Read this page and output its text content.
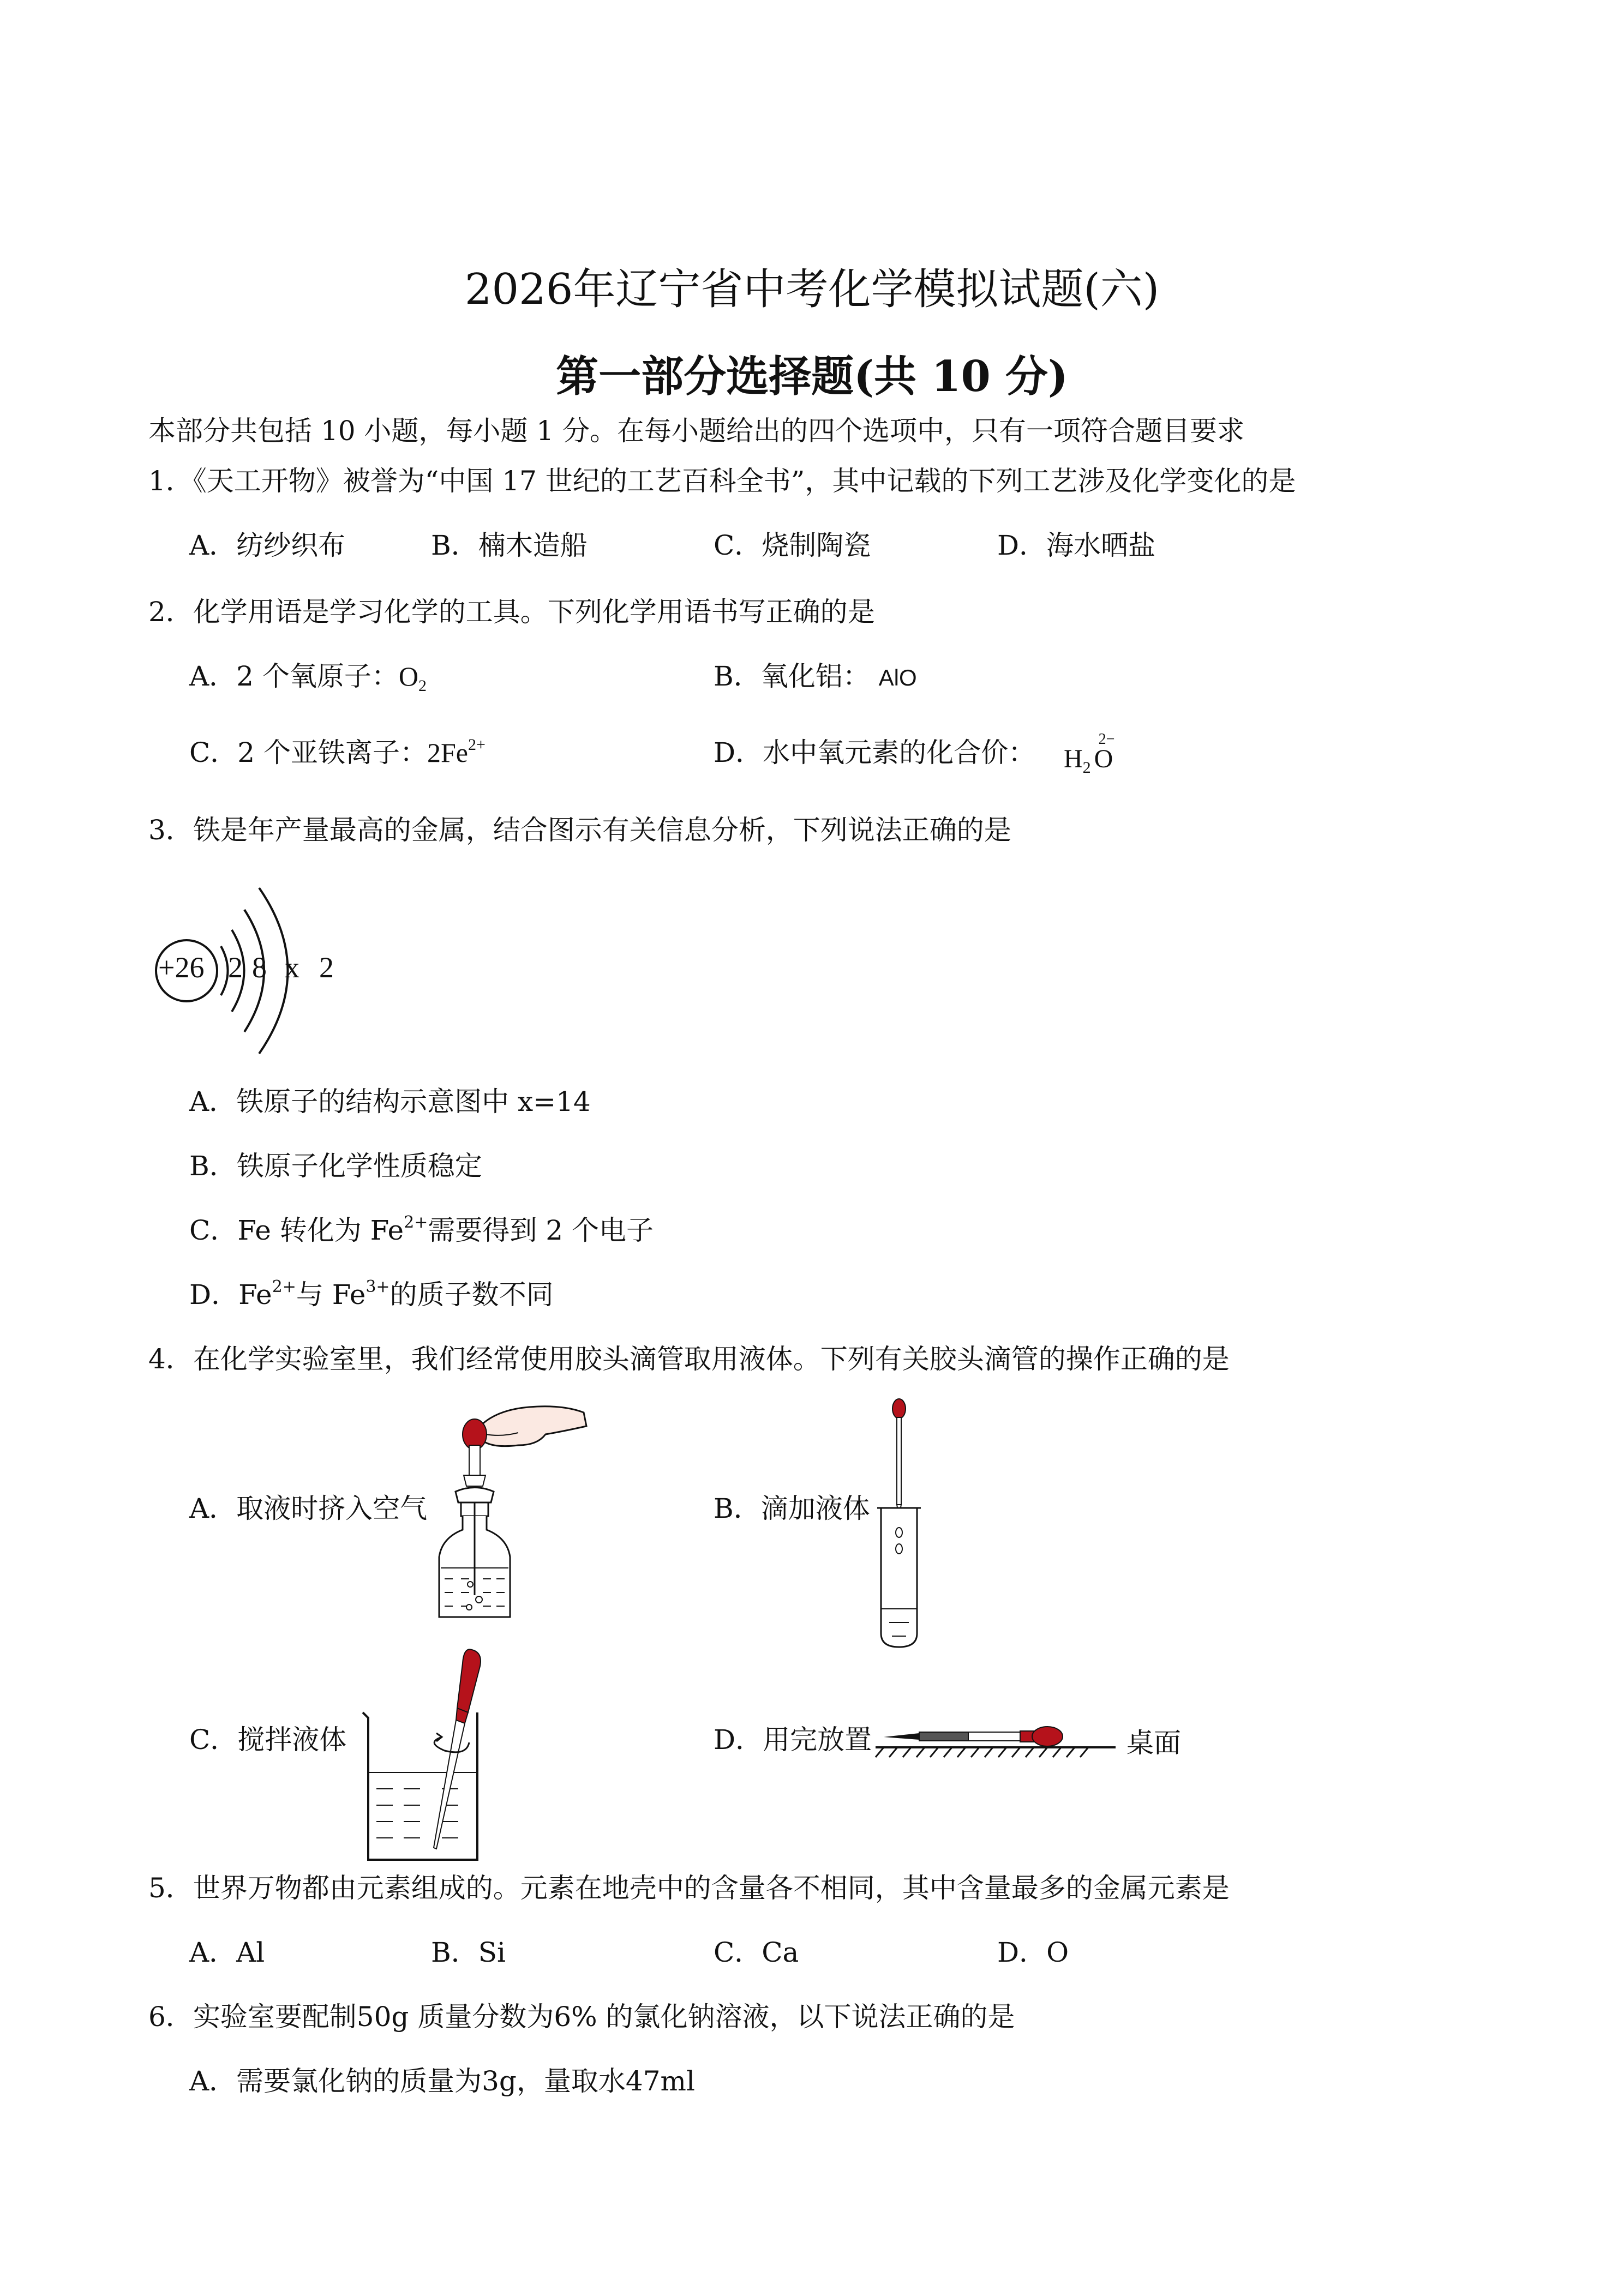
2026年辽宁省中考化学模拟试题(六)
第一部分选择题(共 10 分)
本部分共包括 10 小题，每小题 1 分。在每小题给出的四个选项中，只有一项符合题目要求
1．《天工开物》被誉为“中国 17 世纪的工艺百科全书”，其中记载的下列工艺涉及化学变化的是
A．纺纱织布	B．楠木造船	C．烧制陶瓷	D．海水晒盐
2．化学用语是学习化学的工具。下列化学用语书写正确的是
A．2 个氧原子：$O_2$	B．氧化铝： AlO
C．2 个亚铁离子：$2Fe^{2+}$	D．水中氧元素的化合价： $H_2$ O
2−
3．铁是年产量最高的金属，结合图示有关信息分析，下列说法正确的是
+26 2 8 x 2
A．铁原子的结构示意图中 x=14
B．铁原子化学性质稳定
C．Fe 转化为 $Fe^{2+}$需要得到 2 个电子
D．$Fe^{2+}$与 $Fe^{3+}$的质子数不同
4．在化学实验室里，我们经常使用胶头滴管取用液体。下列有关胶头滴管的操作正确的是
A．取液时挤入空气	B．滴加液体
C．搅拌液体	D．用完放置	桌面
5．世界万物都由元素组成的。元素在地壳中的含量各不相同，其中含量最多的金属元素是
A．Al	B．Si	C．Ca	D．O
6．实验室要配制50g 质量分数为6% 的氯化钠溶液，以下说法正确的是
A．需要氯化钠的质量为3g，量取水47ml
